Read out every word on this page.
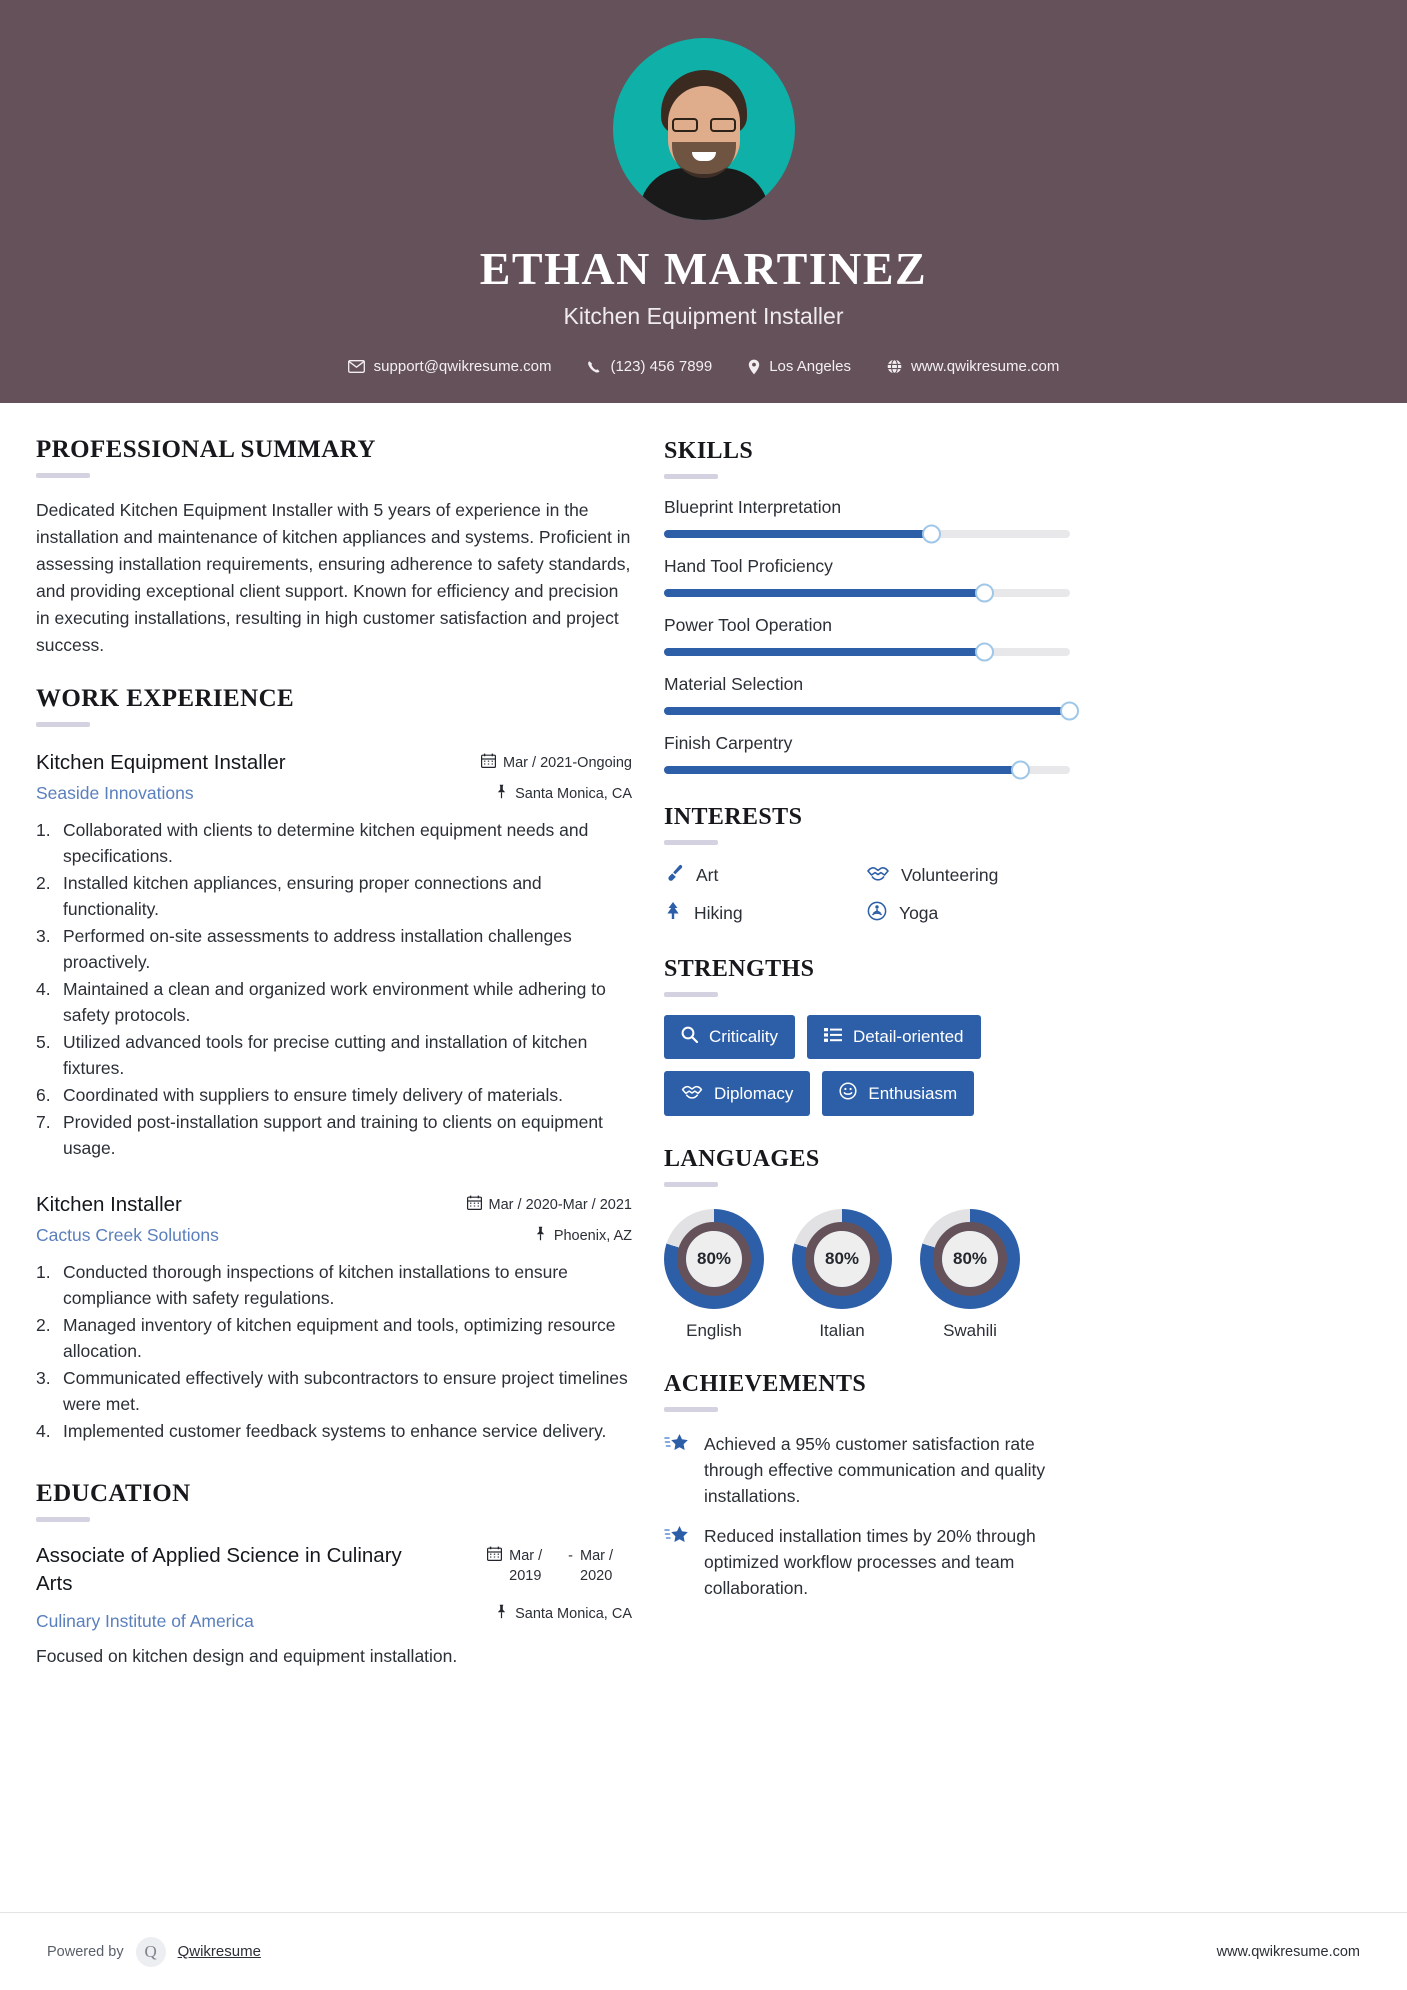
ETHAN MARTINEZ
Kitchen Equipment Installer
support@qwikresume.com	(123) 456 7899	Los Angeles	www.qwikresume.com
PROFESSIONAL SUMMARY
Dedicated Kitchen Equipment Installer with 5 years of experience in the installation and maintenance of kitchen appliances and systems. Proficient in assessing installation requirements, ensuring adherence to safety standards, and providing exceptional client support. Known for efficiency and precision in executing installations, resulting in high customer satisfaction and project success.
WORK EXPERIENCE
Kitchen Equipment Installer
Seaside Innovations
Mar / 2021-Ongoing
Santa Monica, CA
Collaborated with clients to determine kitchen equipment needs and specifications.
Installed kitchen appliances, ensuring proper connections and functionality.
Performed on-site assessments to address installation challenges proactively.
Maintained a clean and organized work environment while adhering to safety protocols.
Utilized advanced tools for precise cutting and installation of kitchen fixtures.
Coordinated with suppliers to ensure timely delivery of materials.
Provided post-installation support and training to clients on equipment usage.
Kitchen Installer
Cactus Creek Solutions
Mar / 2020-Mar / 2021
Phoenix, AZ
Conducted thorough inspections of kitchen installations to ensure compliance with safety regulations.
Managed inventory of kitchen equipment and tools, optimizing resource allocation.
Communicated effectively with subcontractors to ensure project timelines were met.
Implemented customer feedback systems to enhance service delivery.
EDUCATION
Associate of Applied Science in Culinary Arts
Culinary Institute of America
Mar / 2019
- Mar / 2020
Santa Monica, CA
Focused on kitchen design and equipment installation.
SKILLS
Blueprint Interpretation
Hand Tool Proficiency
Power Tool Operation
Material Selection
Finish Carpentry
INTERESTS
Art	Volunteering
Hiking	Yoga
STRENGTHS
Criticality	Detail-oriented
Diplomacy	Enthusiasm
LANGUAGES
80%
English
80%
Italian
80%
Swahili
ACHIEVEMENTS
Achieved a 95% customer satisfaction rate through effective communication and quality installations.
Reduced installation times by 20% through optimized workflow processes and team collaboration.
Powered by	Q	Qwikresume	www.qwikresume.com
